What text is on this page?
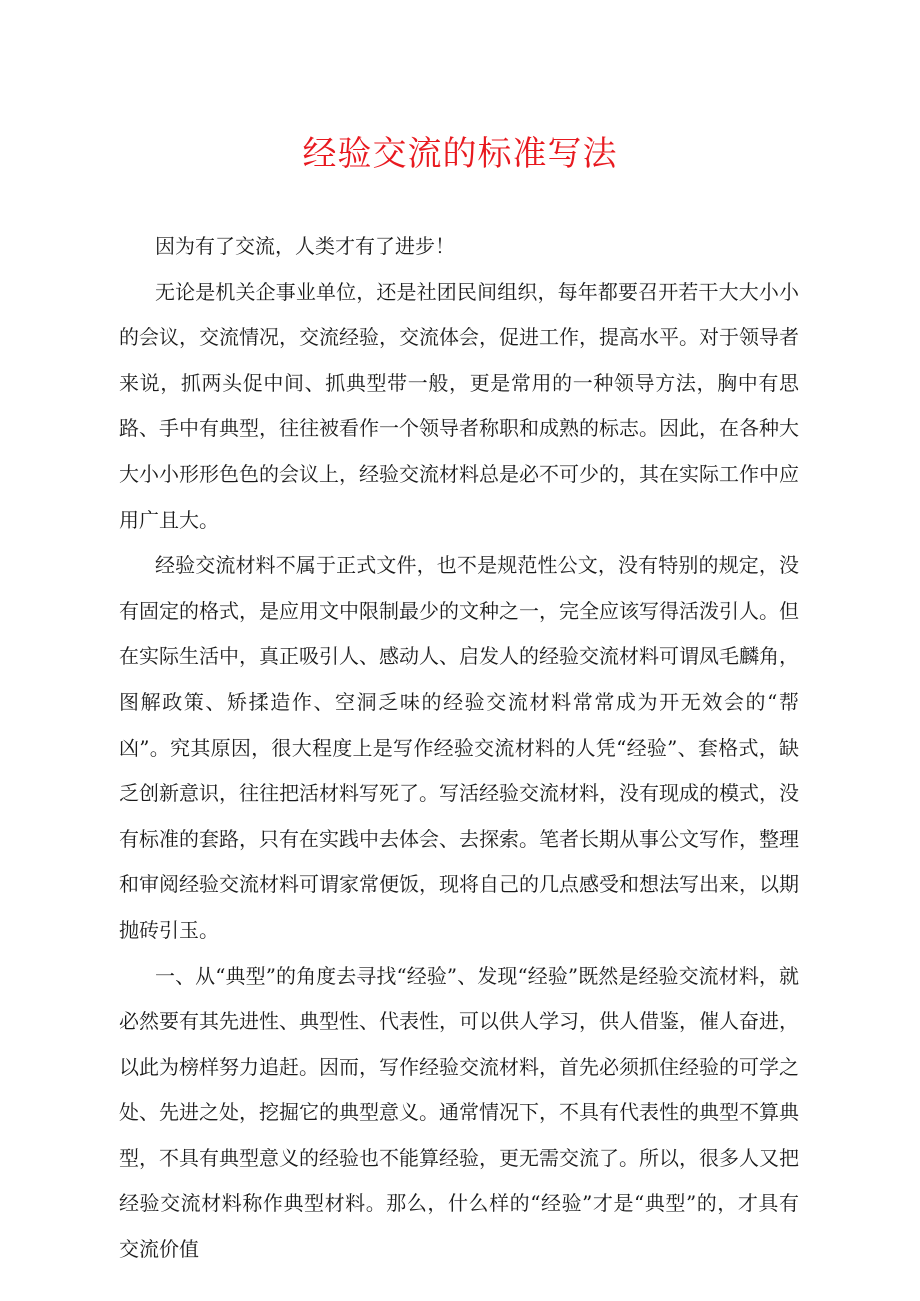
经验交流的标准写法

因为有了交流，人类才有了进步！

无论是机关企事业单位，还是社团民间组织，每年都要召开若干大大小小的会议，交流情况，交流经验，交流体会，促进工作，提高水平。对于领导者来说，抓两头促中间、抓典型带一般，更是常用的一种领导方法，胸中有思路、手中有典型，往往被看作一个领导者称职和成熟的标志。因此，在各种大大小小形形色色的会议上，经验交流材料总是必不可少的，其在实际工作中应用广且大。

经验交流材料不属于正式文件，也不是规范性公文，没有特别的规定，没有固定的格式，是应用文中限制最少的文种之一，完全应该写得活泼引人。但在实际生活中，真正吸引人、感动人、启发人的经验交流材料可谓凤毛麟角，图解政策、矫揉造作、空洞乏味的经验交流材料常常成为开无效会的“帮凶”。究其原因，很大程度上是写作经验交流材料的人凭“经验”、套格式，缺乏创新意识，往往把活材料写死了。写活经验交流材料，没有现成的模式，没有标准的套路，只有在实践中去体会、去探索。笔者长期从事公文写作，整理和审阅经验交流材料可谓家常便饭，现将自己的几点感受和想法写出来，以期抛砖引玉。

一、从“典型”的角度去寻找“经验”、发现“经验”既然是经验交流材料，就必然要有其先进性、典型性、代表性，可以供人学习，供人借鉴，催人奋进，以此为榜样努力追赶。因而，写作经验交流材料，首先必须抓住经验的可学之处、先进之处，挖掘它的典型意义。通常情况下，不具有代表性的典型不算典型，不具有典型意义的经验也不能算经验，更无需交流了。所以，很多人又把经验交流材料称作典型材料。那么，什么样的“经验”才是“典型”的，才具有交流价值
